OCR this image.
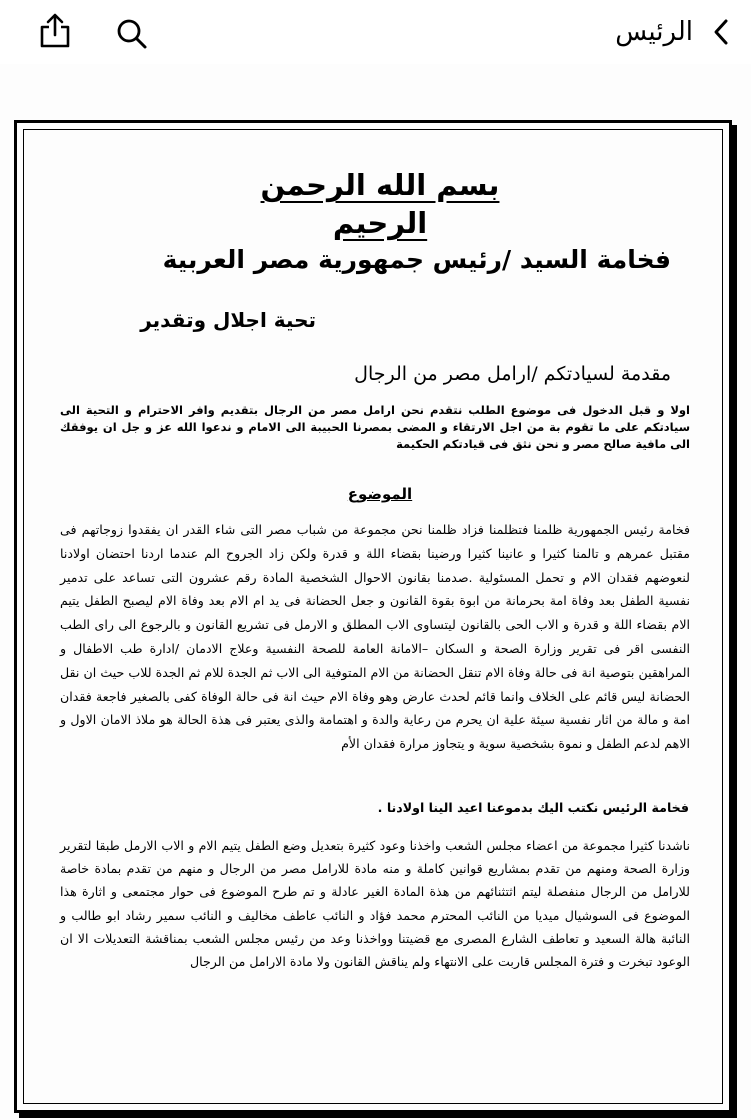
الرئيس
بسم الله الرحمن الرحيم
فخامة السيد /رئيس جمهورية مصر العربية
تحية اجلال وتقدير
مقدمة لسيادتكم /ارامل مصر من الرجال
اولا و قبل الدخول فى موضوع الطلب نتقدم نحن ارامل مصر من الرجال بتقديم وافر الاحترام و التحية الى سيادتكم على ما تقوم بة من اجل الارتقاء و المضى بمصرنا الحبيبة الى الامام و ندعوا الله عز و جل ان يوفقك الى مافية صالح مصر و نحن نثق فى قيادتكم الحكيمة
الموضوع
فخامة رئيس الجمهورية ظلمنا فتظلمنا فزاد ظلمنا نحن مجموعة من شباب مصر التى شاء القدر ان يفقدوا زوجاتهم فى مقتبل عمرهم و تالمنا كثيرا و عانينا كثيرا ورضينا بقضاء اللة و قدرة ولكن زاد الجروح الم عندما اردنا احتضان اولادنا لنعوضهم فقدان الام و تحمل المسئولية .صدمنا بقانون الاحوال الشخصية المادة رقم عشرون التى تساعد على تدمير نفسية الطفل بعد وفاة امة بحرمانة من ابوة بقوة القانون و جعل الحضانة فى يد ام الام بعد وفاة الام ليصبح الطفل يتيم الام بقضاء اللة و قدرة و الاب الحى بالقانون ليتساوى الاب المطلق و الارمل فى تشريع القانون و بالرجوع الى راى الطب النفسى اقر فى تقرير وزارة الصحة و السكان –الامانة العامة للصحة النفسية وعلاج الادمان /ادارة طب الاطفال و المراهقين بتوصية انة فى حالة وفاة الام تنقل الحضانة من الام المتوفية الى الاب ثم الجدة للام ثم الجدة للاب حيث ان نقل الحضانة ليس قائم على الخلاف وانما قائم لحدث عارض وهو وفاة الام حيث انة فى حالة الوفاة كفى بالصغير فاجعة فقدان امة و مالة من اثار نفسية سيئة علية ان يحرم من رعاية والدة و اهتمامة والذى يعتبر فى هذة الحالة هو ملاذ الامان الاول و الاهم لدعم الطفل و نموة بشخصية سوية و يتجاوز مرارة فقدان الأم
فخامة الرئيس نكتب اليك بدموعنا اعيد الينا اولادنا .
ناشدنا كثيرا مجموعة من اعضاء مجلس الشعب واخذنا وعود كثيرة بتعديل وضع الطفل يتيم الام و الاب الارمل طبقا لتقرير وزارة الصحة ومنهم من تقدم بمشاريع قوانين كاملة و منه مادة للارامل مصر من الرجال و منهم من تقدم بمادة خاصة للارامل من الرجال منفصلة ليتم اثتثنائهم من هذة المادة الغير عادلة و تم طرح الموضوع فى حوار مجتمعى و اثارة هذا الموضوع فى السوشيال ميديا من النائب المحترم محمد فؤاد و النائب عاطف مخاليف و النائب سمير رشاد ابو طالب و النائبة هالة السعيد و تعاطف الشارع المصرى مع قضيتنا وواخذنا وعد من رئيس مجلس الشعب بمناقشة التعديلات الا ان الوعود تبخرت و فترة المجلس قاربت على الانتهاء ولم يناقش القانون ولا مادة الارامل من الرجال
